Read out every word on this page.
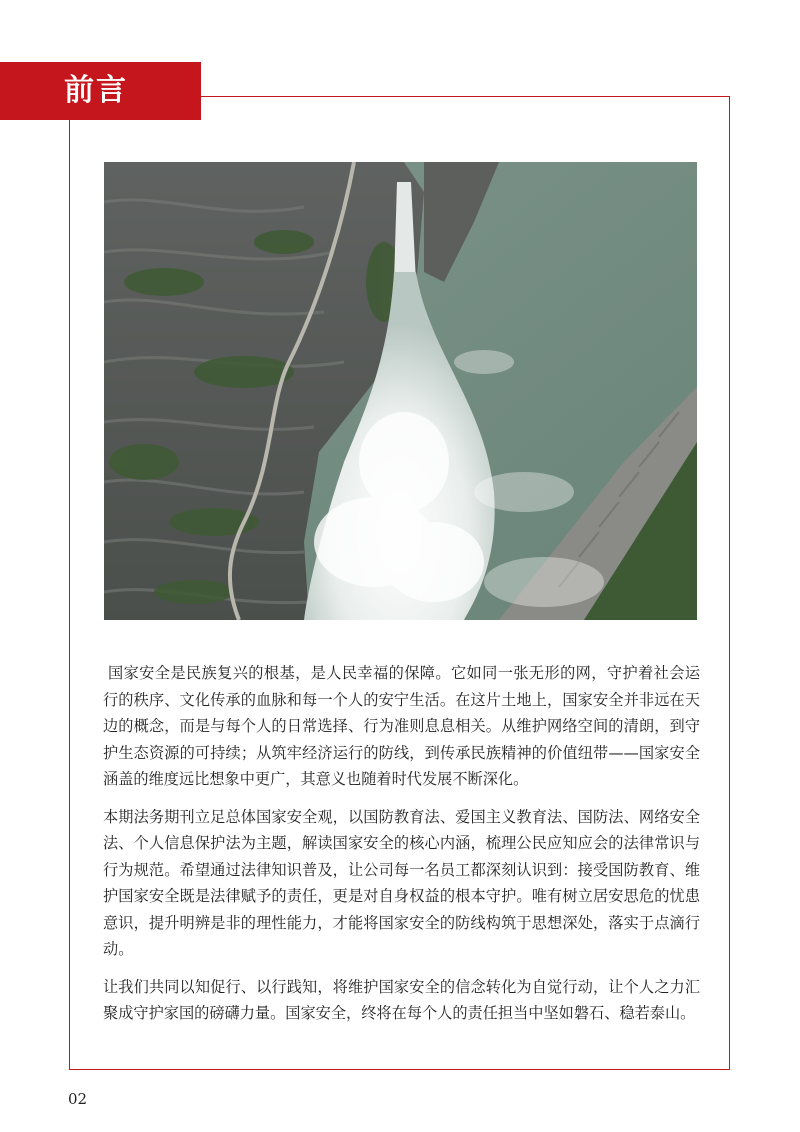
前言

国家安全是民族复兴的根基，是人民幸福的保障。它如同一张无形的网，守护着社会运行的秩序、文化传承的血脉和每一个人的安宁生活。在这片土地上，国家安全并非远在天边的概念，而是与每个人的日常选择、行为准则息息相关。从维护网络空间的清朗，到守护生态资源的可持续；从筑牢经济运行的防线，到传承民族精神的价值纽带——国家安全涵盖的维度远比想象中更广，其意义也随着时代发展不断深化。

本期法务期刊立足总体国家安全观，以国防教育法、爱国主义教育法、国防法、网络安全法、个人信息保护法为主题，解读国家安全的核心内涵，梳理公民应知应会的法律常识与行为规范。希望通过法律知识普及，让公司每一名员工都深刻认识到：接受国防教育、维护国家安全既是法律赋予的责任，更是对自身权益的根本守护。唯有树立居安思危的忧患意识，提升明辨是非的理性能力，才能将国家安全的防线构筑于思想深处，落实于点滴行动。

让我们共同以知促行、以行践知，将维护国家安全的信念转化为自觉行动，让个人之力汇聚成守护家国的磅礴力量。国家安全，终将在每个人的责任担当中坚如磐石、稳若泰山。

02
